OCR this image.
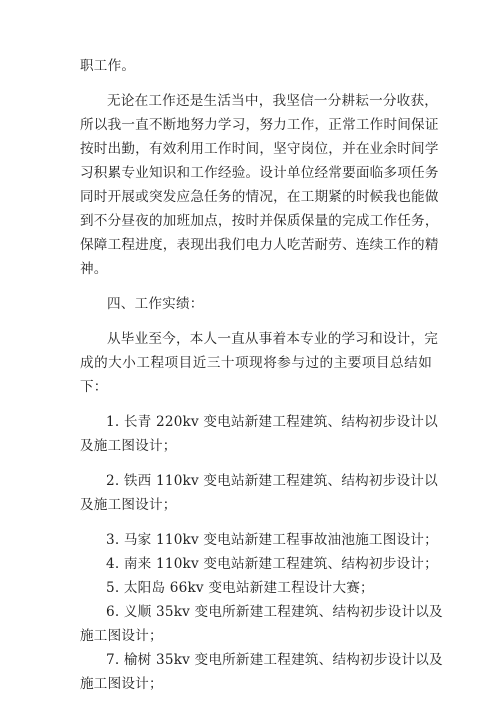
职工作。
无论在工作还是生活当中，我坚信一分耕耘一分收获，
所以我一直不断地努力学习，努力工作，正常工作时间保证
按时出勤，有效利用工作时间，坚守岗位，并在业余时间学
习积累专业知识和工作经验。设计单位经常要面临多项任务
同时开展或突发应急任务的情况，在工期紧的时候我也能做
到不分昼夜的加班加点，按时并保质保量的完成工作任务，
保障工程进度，表现出我们电力人吃苦耐劳、连续工作的精
神。
四、工作实绩：
从毕业至今，本人一直从事着本专业的学习和设计，完
成的大小工程项目近三十项现将参与过的主要项目总结如
下：
1. 长青 220kv 变电站新建工程建筑、结构初步设计以
及施工图设计；
2. 铁西 110kv 变电站新建工程建筑、结构初步设计以
及施工图设计；
3. 马家 110kv 变电站新建工程事故油池施工图设计；
4. 南来 110kv 变电站新建工程建筑、结构初步设计；
5. 太阳岛 66kv 变电站新建工程设计大赛；
6. 义顺 35kv 变电所新建工程建筑、结构初步设计以及
施工图设计；
7. 榆树 35kv 变电所新建工程建筑、结构初步设计以及
施工图设计；
